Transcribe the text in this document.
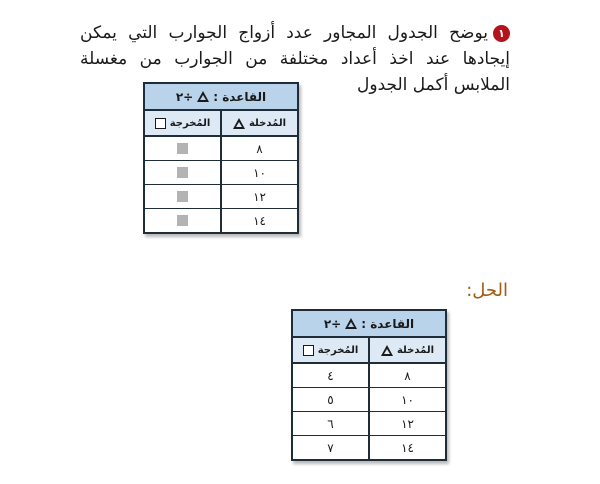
١يوضح الجدول المجاور عدد أزواج الجوارب التي يمكن إيجادها عند اخذ أعداد مختلفة من الجوارب من مغسلة الملابس أكمل الجدول
القاعدة :
÷٢
المُدخلة
المُخرجة
٨
١٠
١٢
١٤
الحل:
القاعدة :
÷٢
المُدخلة
المُخرجة
٨
٤
١٠
٥
١٢
٦
١٤
٧
